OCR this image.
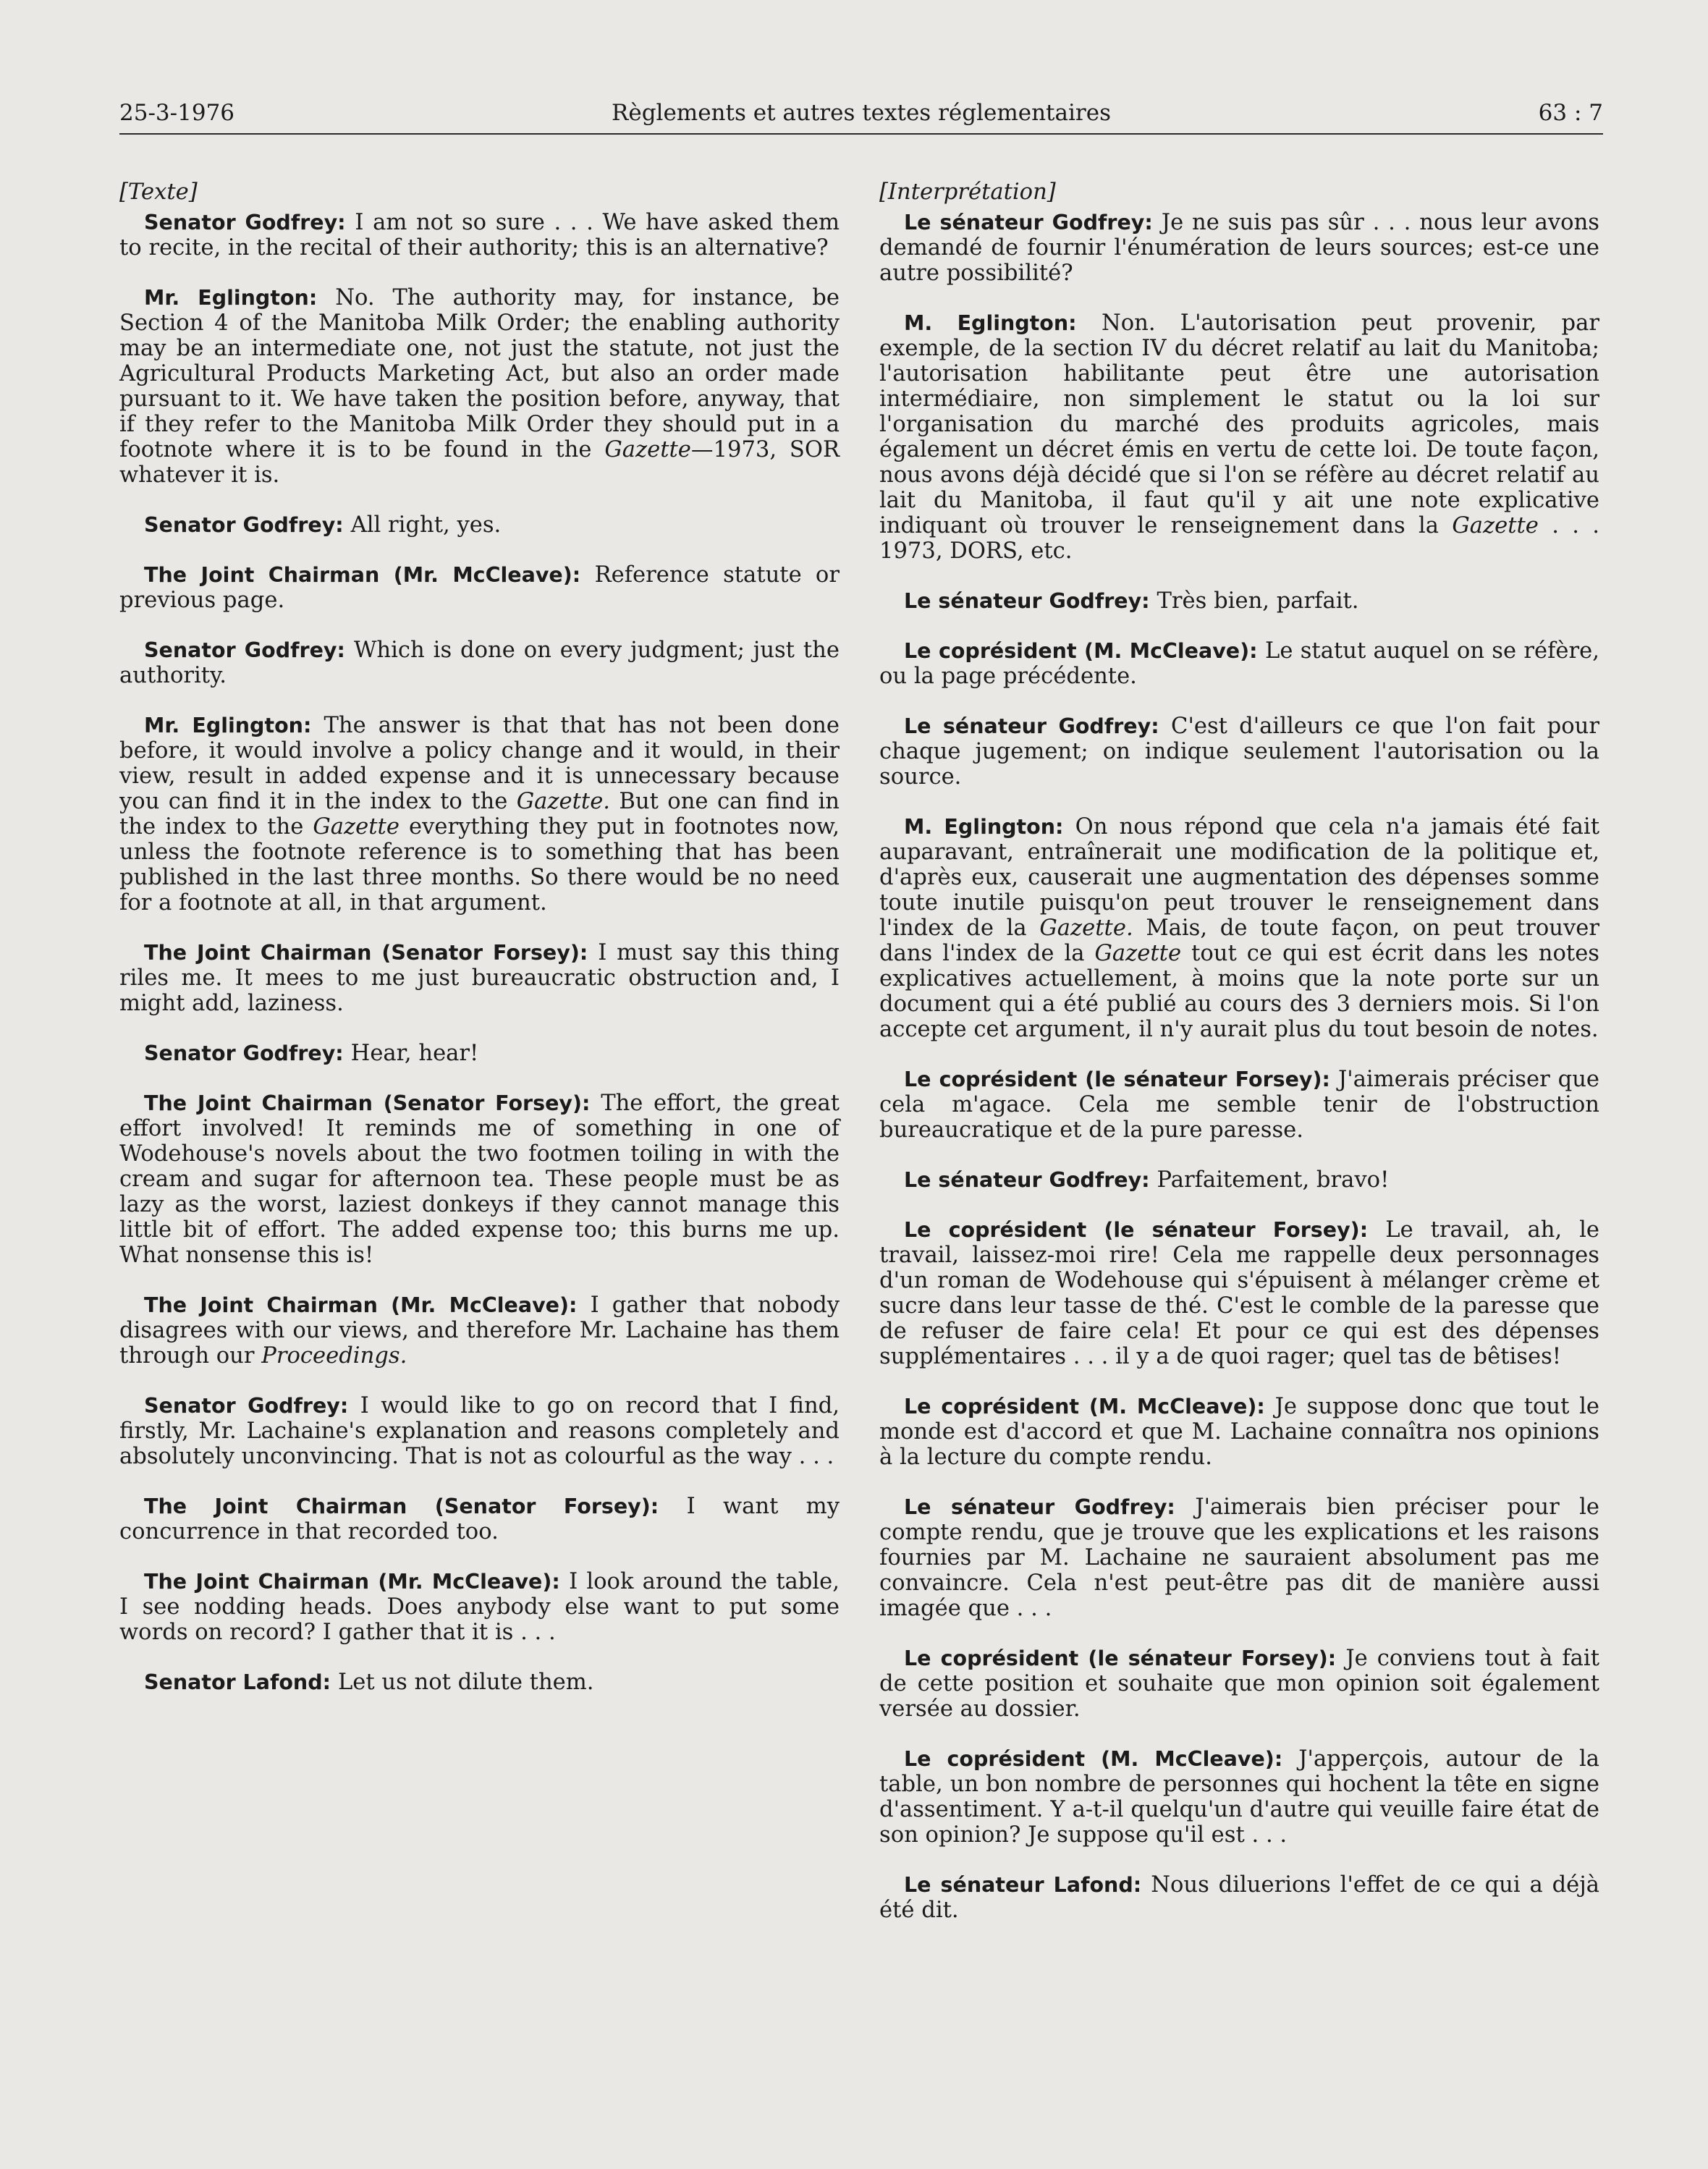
25-3-1976	Règlements et autres textes réglementaires	63 : 7
[Texte]

Senator Godfrey: I am not so sure . . . We have asked them to recite, in the recital of their authority; this is an alternative?

Mr. Eglington: No. The authority may, for instance, be Section 4 of the Manitoba Milk Order; the enabling authority may be an intermediate one, not just the statute, not just the Agricultural Products Marketing Act, but also an order made pursuant to it. We have taken the position before, anyway, that if they refer to the Manitoba Milk Order they should put in a footnote where it is to be found in the Gazette—1973, SOR whatever it is.

Senator Godfrey: All right, yes.

The Joint Chairman (Mr. McCleave): Reference statute or previous page.

Senator Godfrey: Which is done on every judgment; just the authority.

Mr. Eglington: The answer is that that has not been done before, it would involve a policy change and it would, in their view, result in added expense and it is unnecessary because you can find it in the index to the Gazette. But one can find in the index to the Gazette everything they put in footnotes now, unless the footnote reference is to something that has been published in the last three months. So there would be no need for a footnote at all, in that argument.

The Joint Chairman (Senator Forsey): I must say this thing riles me. It mees to me just bureaucratic obstruction and, I might add, laziness.

Senator Godfrey: Hear, hear!

The Joint Chairman (Senator Forsey): The effort, the great effort involved! It reminds me of something in one of Wodehouse's novels about the two footmen toiling in with the cream and sugar for afternoon tea. These people must be as lazy as the worst, laziest donkeys if they cannot manage this little bit of effort. The added expense too; this burns me up. What nonsense this is!

The Joint Chairman (Mr. McCleave): I gather that nobody disagrees with our views, and therefore Mr. Lachaine has them through our Proceedings.

Senator Godfrey: I would like to go on record that I find, firstly, Mr. Lachaine's explanation and reasons completely and absolutely unconvincing. That is not as colourful as the way . . .

The Joint Chairman (Senator Forsey): I want my concurrence in that recorded too.

The Joint Chairman (Mr. McCleave): I look around the table, I see nodding heads. Does anybody else want to put some words on record? I gather that it is . . .

Senator Lafond: Let us not dilute them.

[Interprétation]

Le sénateur Godfrey: Je ne suis pas sûr . . . nous leur avons demandé de fournir l'énumération de leurs sources; est-ce une autre possibilité?

M. Eglington: Non. L'autorisation peut provenir, par exemple, de la section IV du décret relatif au lait du Manitoba; l'autorisation habilitante peut être une autorisation intermédiaire, non simplement le statut ou la loi sur l'organisation du marché des produits agricoles, mais également un décret émis en vertu de cette loi. De toute façon, nous avons déjà décidé que si l'on se réfère au décret relatif au lait du Manitoba, il faut qu'il y ait une note explicative indiquant où trouver le renseignement dans la Gazette . . . 1973, DORS, etc.

Le sénateur Godfrey: Très bien, parfait.

Le coprésident (M. McCleave): Le statut auquel on se réfère, ou la page précédente.

Le sénateur Godfrey: C'est d'ailleurs ce que l'on fait pour chaque jugement; on indique seulement l'autorisation ou la source.

M. Eglington: On nous répond que cela n'a jamais été fait auparavant, entraînerait une modification de la politique et, d'après eux, causerait une augmentation des dépenses somme toute inutile puisqu'on peut trouver le renseignement dans l'index de la Gazette. Mais, de toute façon, on peut trouver dans l'index de la Gazette tout ce qui est écrit dans les notes explicatives actuellement, à moins que la note porte sur un document qui a été publié au cours des 3 derniers mois. Si l'on accepte cet argument, il n'y aurait plus du tout besoin de notes.

Le coprésident (le sénateur Forsey): J'aimerais préciser que cela m'agace. Cela me semble tenir de l'obstruction bureaucratique et de la pure paresse.

Le sénateur Godfrey: Parfaitement, bravo!

Le coprésident (le sénateur Forsey): Le travail, ah, le travail, laissez-moi rire! Cela me rappelle deux personnages d'un roman de Wodehouse qui s'épuisent à mélanger crème et sucre dans leur tasse de thé. C'est le comble de la paresse que de refuser de faire cela! Et pour ce qui est des dépenses supplémentaires . . . il y a de quoi rager; quel tas de bêtises!

Le coprésident (M. McCleave): Je suppose donc que tout le monde est d'accord et que M. Lachaine connaîtra nos opinions à la lecture du compte rendu.

Le sénateur Godfrey: J'aimerais bien préciser pour le compte rendu, que je trouve que les explications et les raisons fournies par M. Lachaine ne sauraient absolument pas me convaincre. Cela n'est peut-être pas dit de manière aussi imagée que . . .

Le coprésident (le sénateur Forsey): Je conviens tout à fait de cette position et souhaite que mon opinion soit également versée au dossier.

Le coprésident (M. McCleave): J'apperçois, autour de la table, un bon nombre de personnes qui hochent la tête en signe d'assentiment. Y a-t-il quelqu'un d'autre qui veuille faire état de son opinion? Je suppose qu'il est . . .

Le sénateur Lafond: Nous diluerions l'effet de ce qui a déjà été dit.
